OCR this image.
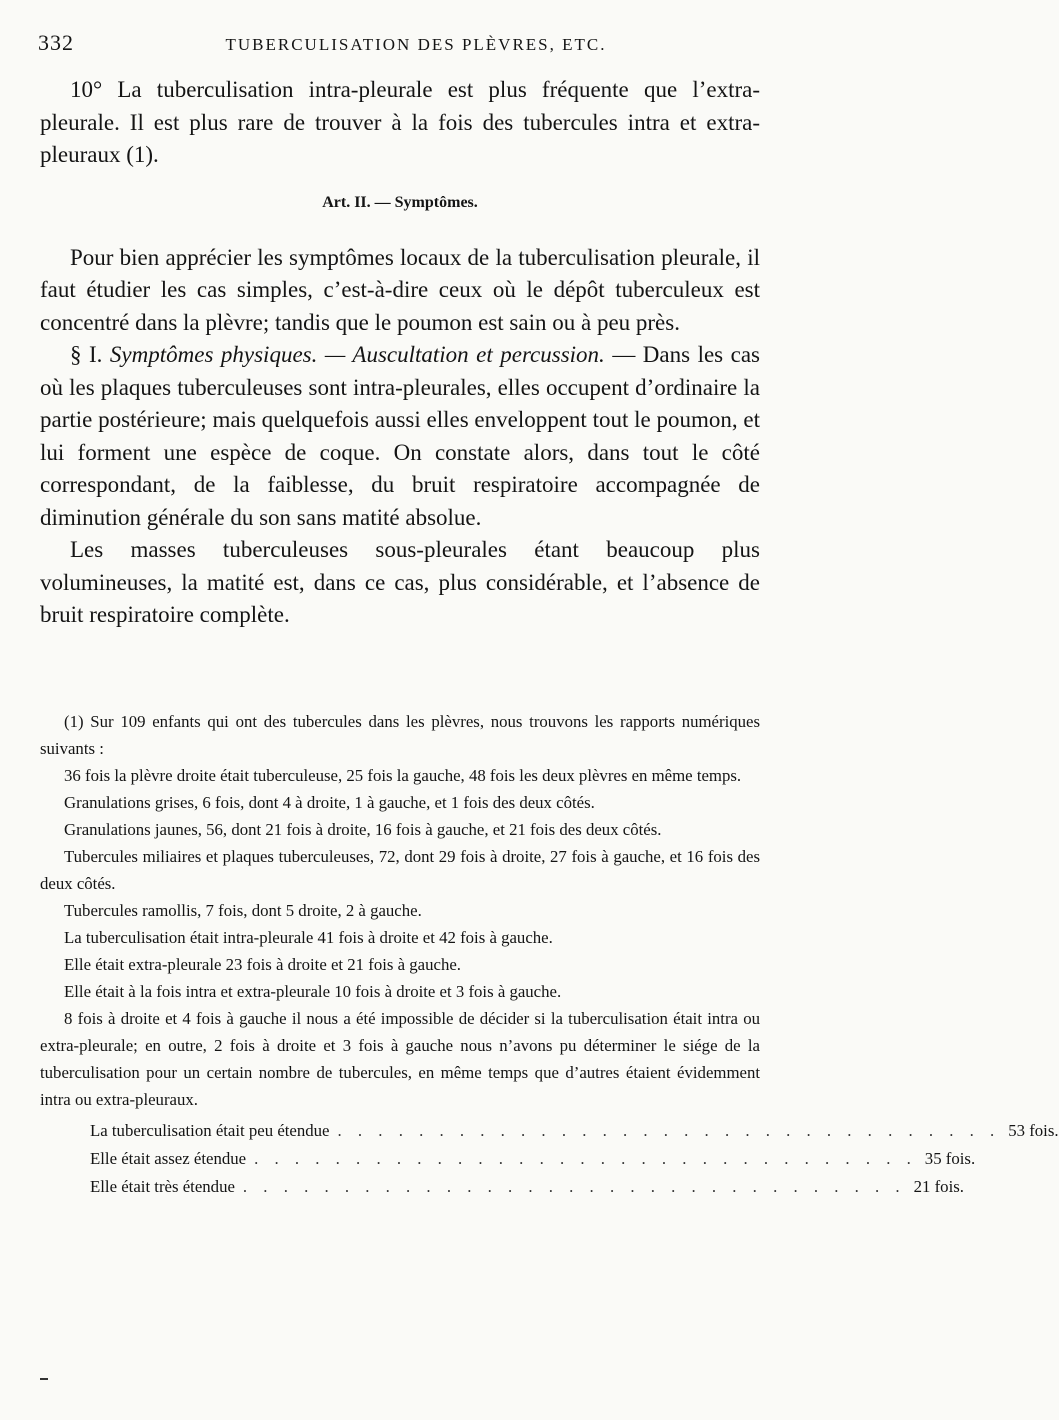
332	TUBERCULISATION DES PLÈVRES, ETC.

10° La tuberculisation intra-pleurale est plus fréquente que l’extra-pleurale. Il est plus rare de trouver à la fois des tubercules intra et extra-pleuraux (1).

Art. II. — Symptômes.

Pour bien apprécier les symptômes locaux de la tuberculisation pleurale, il faut étudier les cas simples, c’est-à-dire ceux où le dépôt tuberculeux est concentré dans la plèvre; tandis que le poumon est sain ou à peu près.

§ I. Symptômes physiques. — Auscultation et percussion. — Dans les cas où les plaques tuberculeuses sont intra-pleurales, elles occupent d’ordinaire la partie postérieure; mais quelquefois aussi elles enveloppent tout le poumon, et lui forment une espèce de coque. On constate alors, dans tout le côté correspondant, de la faiblesse, du bruit respiratoire accompagnée de diminution générale du son sans matité absolue.

Les masses tuberculeuses sous-pleurales étant beaucoup plus volumineuses, la matité est, dans ce cas, plus considérable, et l’absence de bruit respiratoire complète.

(1) Sur 109 enfants qui ont des tubercules dans les plèvres, nous trouvons les rapports numériques suivants :

36 fois la plèvre droite était tuberculeuse, 25 fois la gauche, 48 fois les deux plèvres en même temps.

Granulations grises, 6 fois, dont 4 à droite, 1 à gauche, et 1 fois des deux côtés.

Granulations jaunes, 56, dont 21 fois à droite, 16 fois à gauche, et 21 fois des deux côtés.

Tubercules miliaires et plaques tuberculeuses, 72, dont 29 fois à droite, 27 fois à gauche, et 16 fois des deux côtés.

Tubercules ramollis, 7 fois, dont 5 droite, 2 à gauche.

La tuberculisation était intra-pleurale 41 fois à droite et 42 fois à gauche.

Elle était extra-pleurale 23 fois à droite et 21 fois à gauche.

Elle était à la fois intra et extra-pleurale 10 fois à droite et 3 fois à gauche.

8 fois à droite et 4 fois à gauche il nous a été impossible de décider si la tuberculisation était intra ou extra-pleurale; en outre, 2 fois à droite et 3 fois à gauche nous n’avons pu déterminer le siége de la tuberculisation pour un certain nombre de tubercules, en même temps que d’autres étaient évidemment intra ou extra-pleuraux.

La tuberculisation était peu étendue . . . . . . . . . . . . . . . . . . . . . . . . . . . . . . . . . 53 fois.
Elle était assez étendue . . . . . . . . . . . . . . . . . . . . . . . . . . . . . . . . . 35 fois.
Elle était très étendue . . . . . . . . . . . . . . . . . . . . . . . . . . . . . . . . . 21 fois.
